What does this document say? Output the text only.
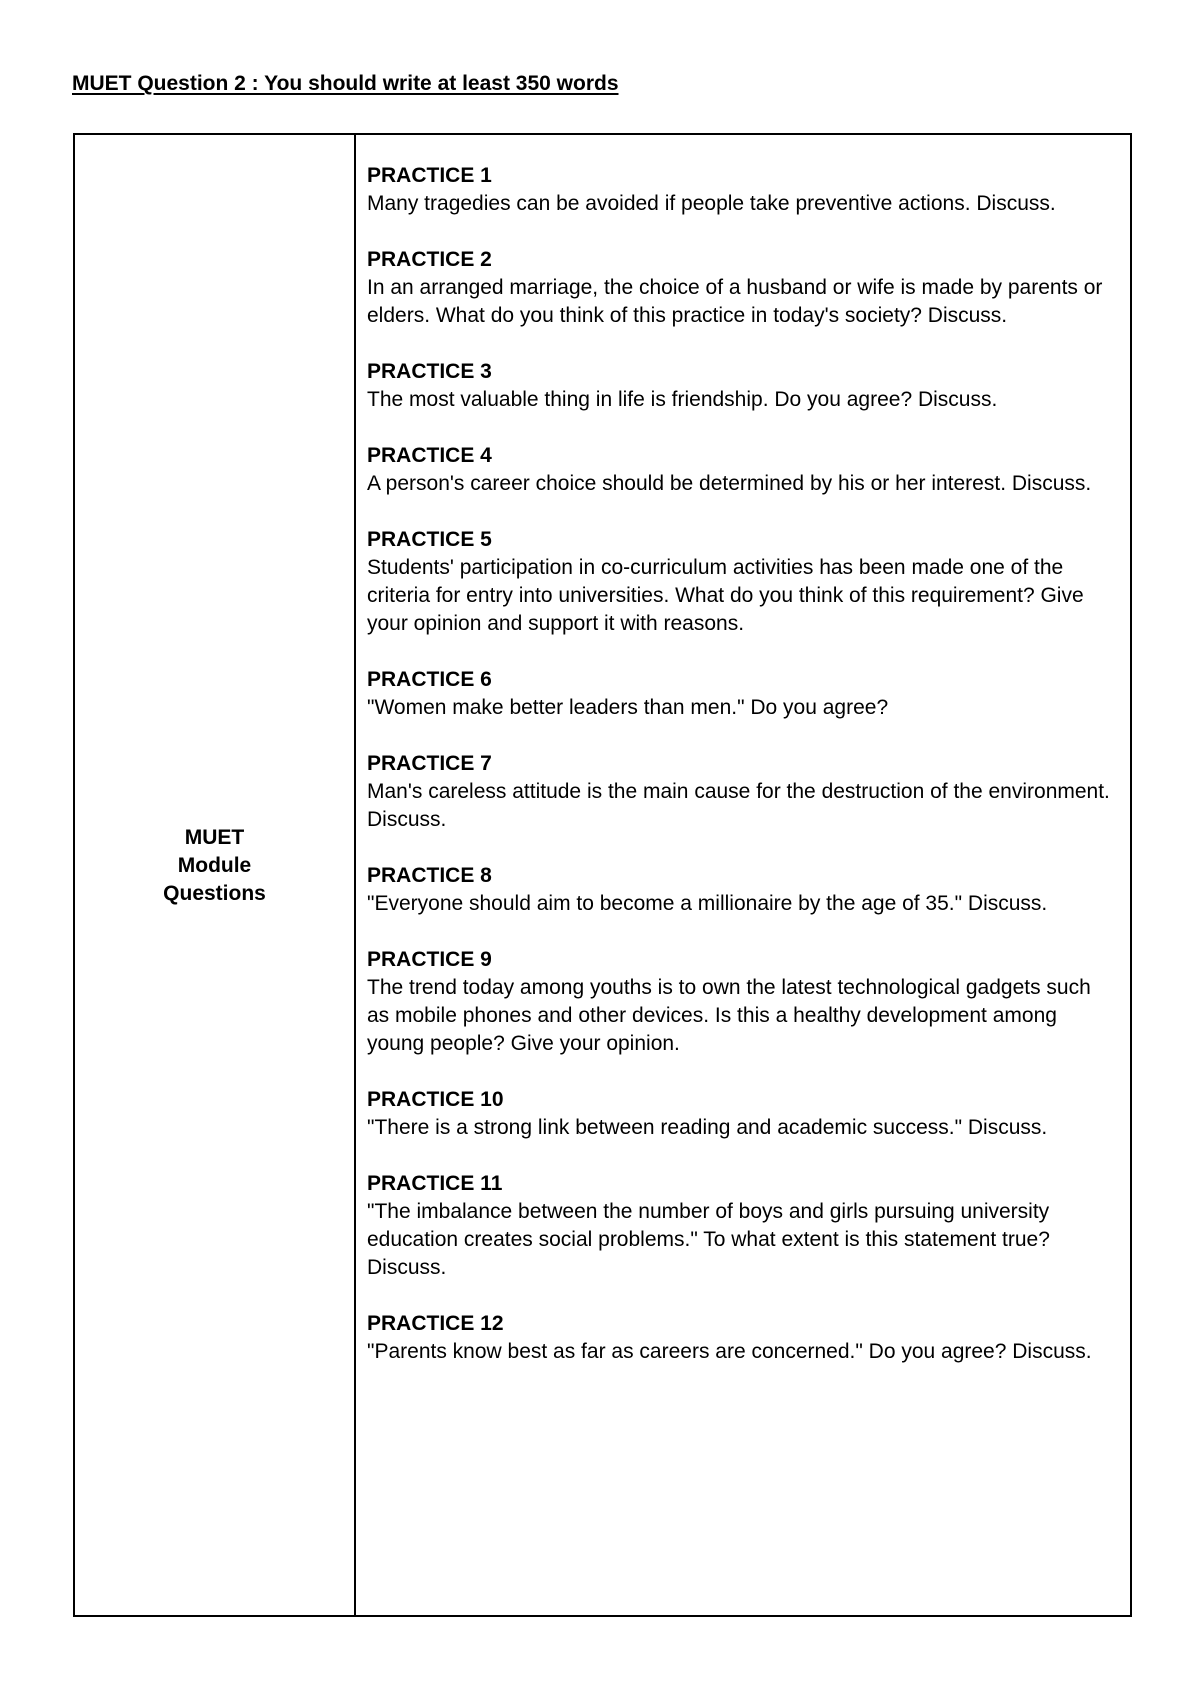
MUET Question 2 : You should write at least 350 words
MUET
Module
Questions
PRACTICE 1
Many tragedies can be avoided if people take preventive actions. Discuss.
PRACTICE 2
In an arranged marriage, the choice of a husband or wife is made by parents or elders. What do you think of this practice in today's society? Discuss.
PRACTICE 3
The most valuable thing in life is friendship. Do you agree? Discuss.
PRACTICE 4
A person's career choice should be determined by his or her interest. Discuss.
PRACTICE 5
Students' participation in co-curriculum activities has been made one of the criteria for entry into universities. What do you think of this requirement? Give your opinion and support it with reasons.
PRACTICE 6
"Women make better leaders than men." Do you agree?
PRACTICE 7
Man's careless attitude is the main cause for the destruction of the environment. Discuss.
PRACTICE 8
"Everyone should aim to become a millionaire by the age of 35." Discuss.
PRACTICE 9
The trend today among youths is to own the latest technological gadgets such as mobile phones and other devices. Is this a healthy development among young people? Give your opinion.
PRACTICE 10
"There is a strong link between reading and academic success." Discuss.
PRACTICE 11
"The imbalance between the number of boys and girls pursuing university education creates social problems." To what extent is this statement true? Discuss.
PRACTICE 12
"Parents know best as far as careers are concerned." Do you agree? Discuss.
